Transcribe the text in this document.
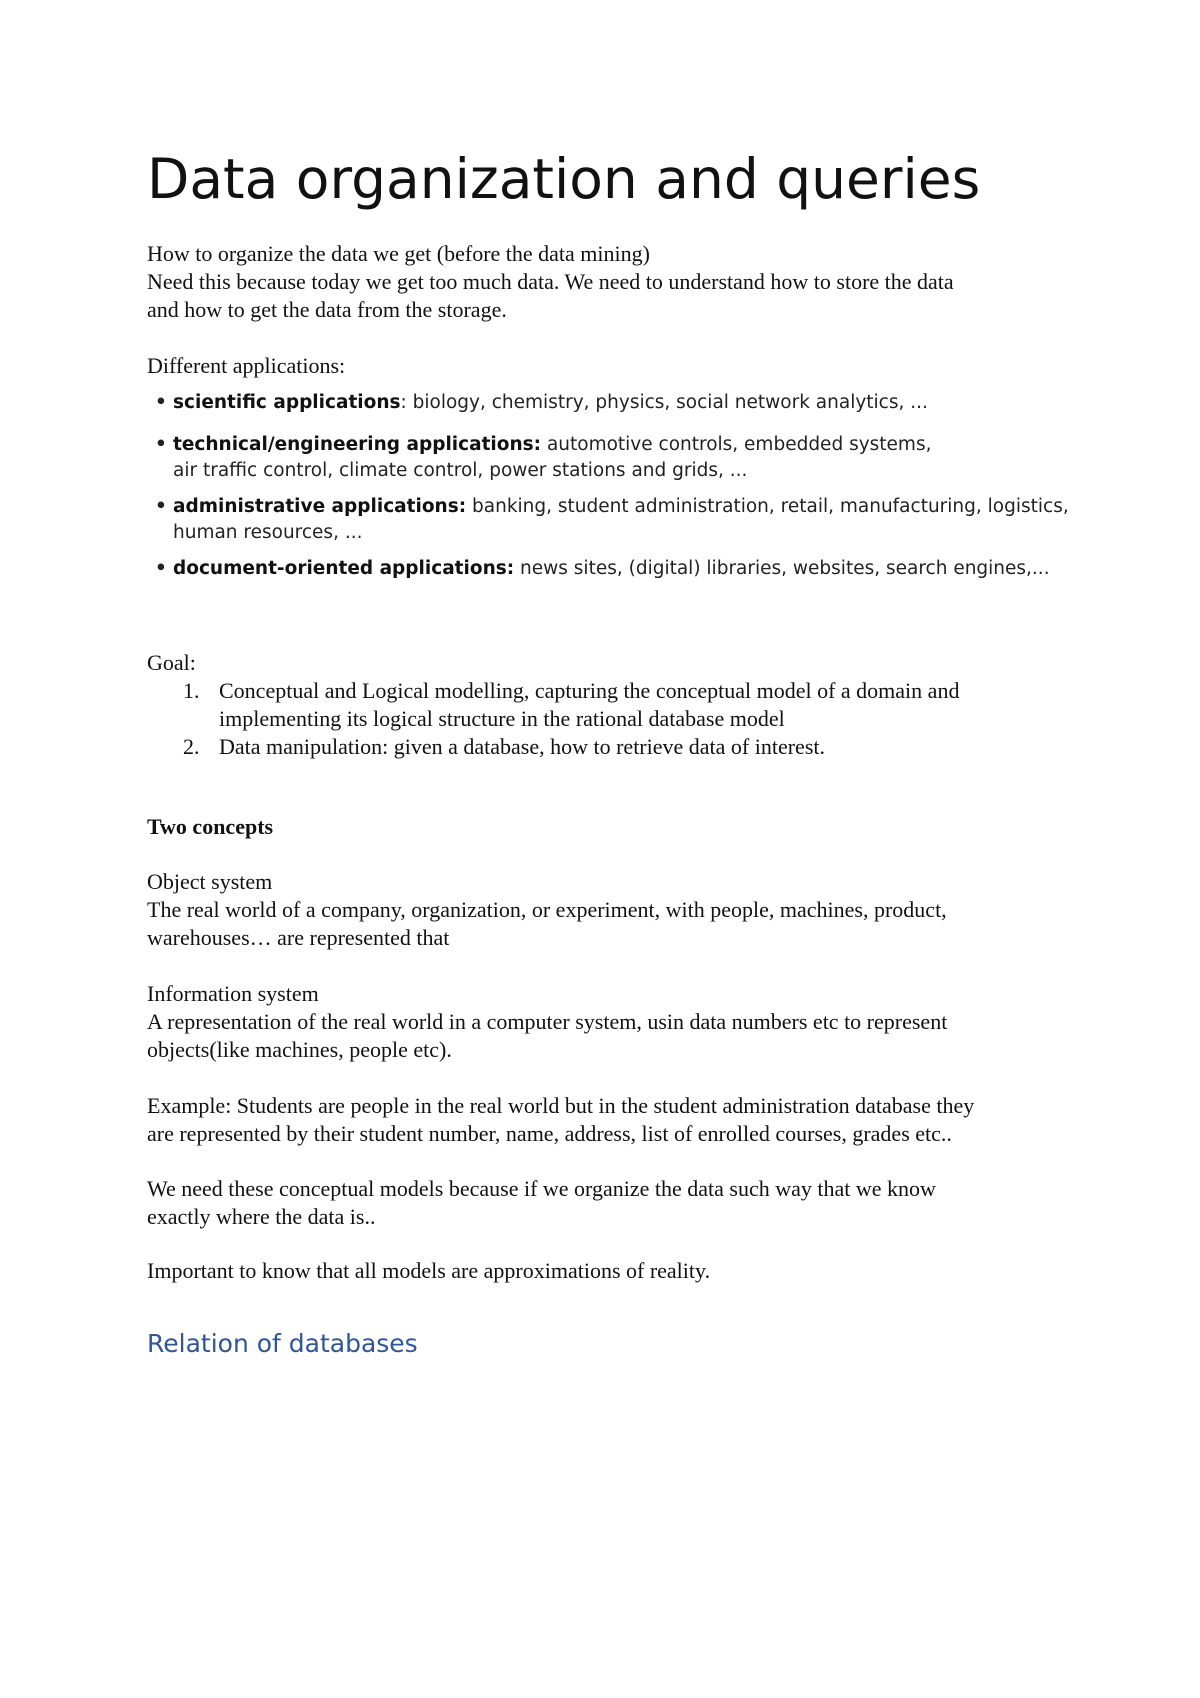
Data organization and queries
How to organize the data we get (before the data mining)
Need this because today we get too much data. We need to understand how to store the data
and how to get the data from the storage.
Different applications:
• scientific applications: biology, chemistry, physics, social network analytics, ...
• technical/engineering applications: automotive controls, embedded systems,
air traffic control, climate control, power stations and grids, ...
• administrative applications: banking, student administration, retail, manufacturing, logistics,
human resources, ...
• document-oriented applications: news sites, (digital) libraries, websites, search engines,...
Goal:
1. Conceptual and Logical modelling, capturing the conceptual model of a domain and
implementing its logical structure in the rational database model
2. Data manipulation: given a database, how to retrieve data of interest.
Two concepts
Object system
The real world of a company, organization, or experiment, with people, machines, product,
warehouses… are represented that
Information system
A representation of the real world in a computer system, usin data numbers etc to represent
objects(like machines, people etc).
Example: Students are people in the real world but in the student administration database they
are represented by their student number, name, address, list of enrolled courses, grades etc..
We need these conceptual models because if we organize the data such way that we know
exactly where the data is..
Important to know that all models are approximations of reality.
Relation of databases
